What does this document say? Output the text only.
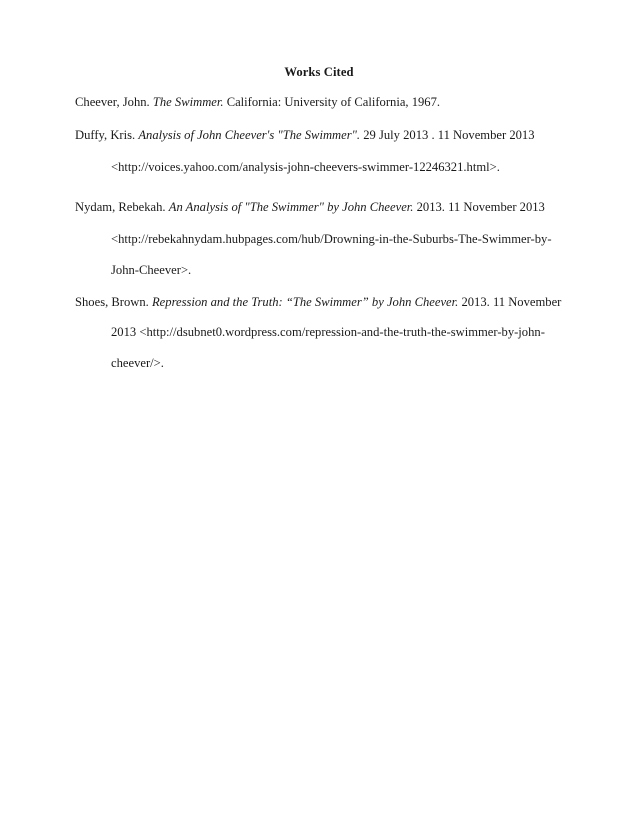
Works Cited
Cheever, John. The Swimmer. California: University of California, 1967.
Duffy, Kris. Analysis of John Cheever's "The Swimmer". 29 July 2013 . 11 November 2013
<http://voices.yahoo.com/analysis-john-cheevers-swimmer-12246321.html>.
Nydam, Rebekah. An Analysis of "The Swimmer" by John Cheever. 2013. 11 November 2013
<http://rebekahnydam.hubpages.com/hub/Drowning-in-the-Suburbs-The-Swimmer-by-
John-Cheever>.
Shoes, Brown. Repression and the Truth: “The Swimmer” by John Cheever. 2013. 11 November
2013 <http://dsubnet0.wordpress.com/repression-and-the-truth-the-swimmer-by-john-
cheever/>.
